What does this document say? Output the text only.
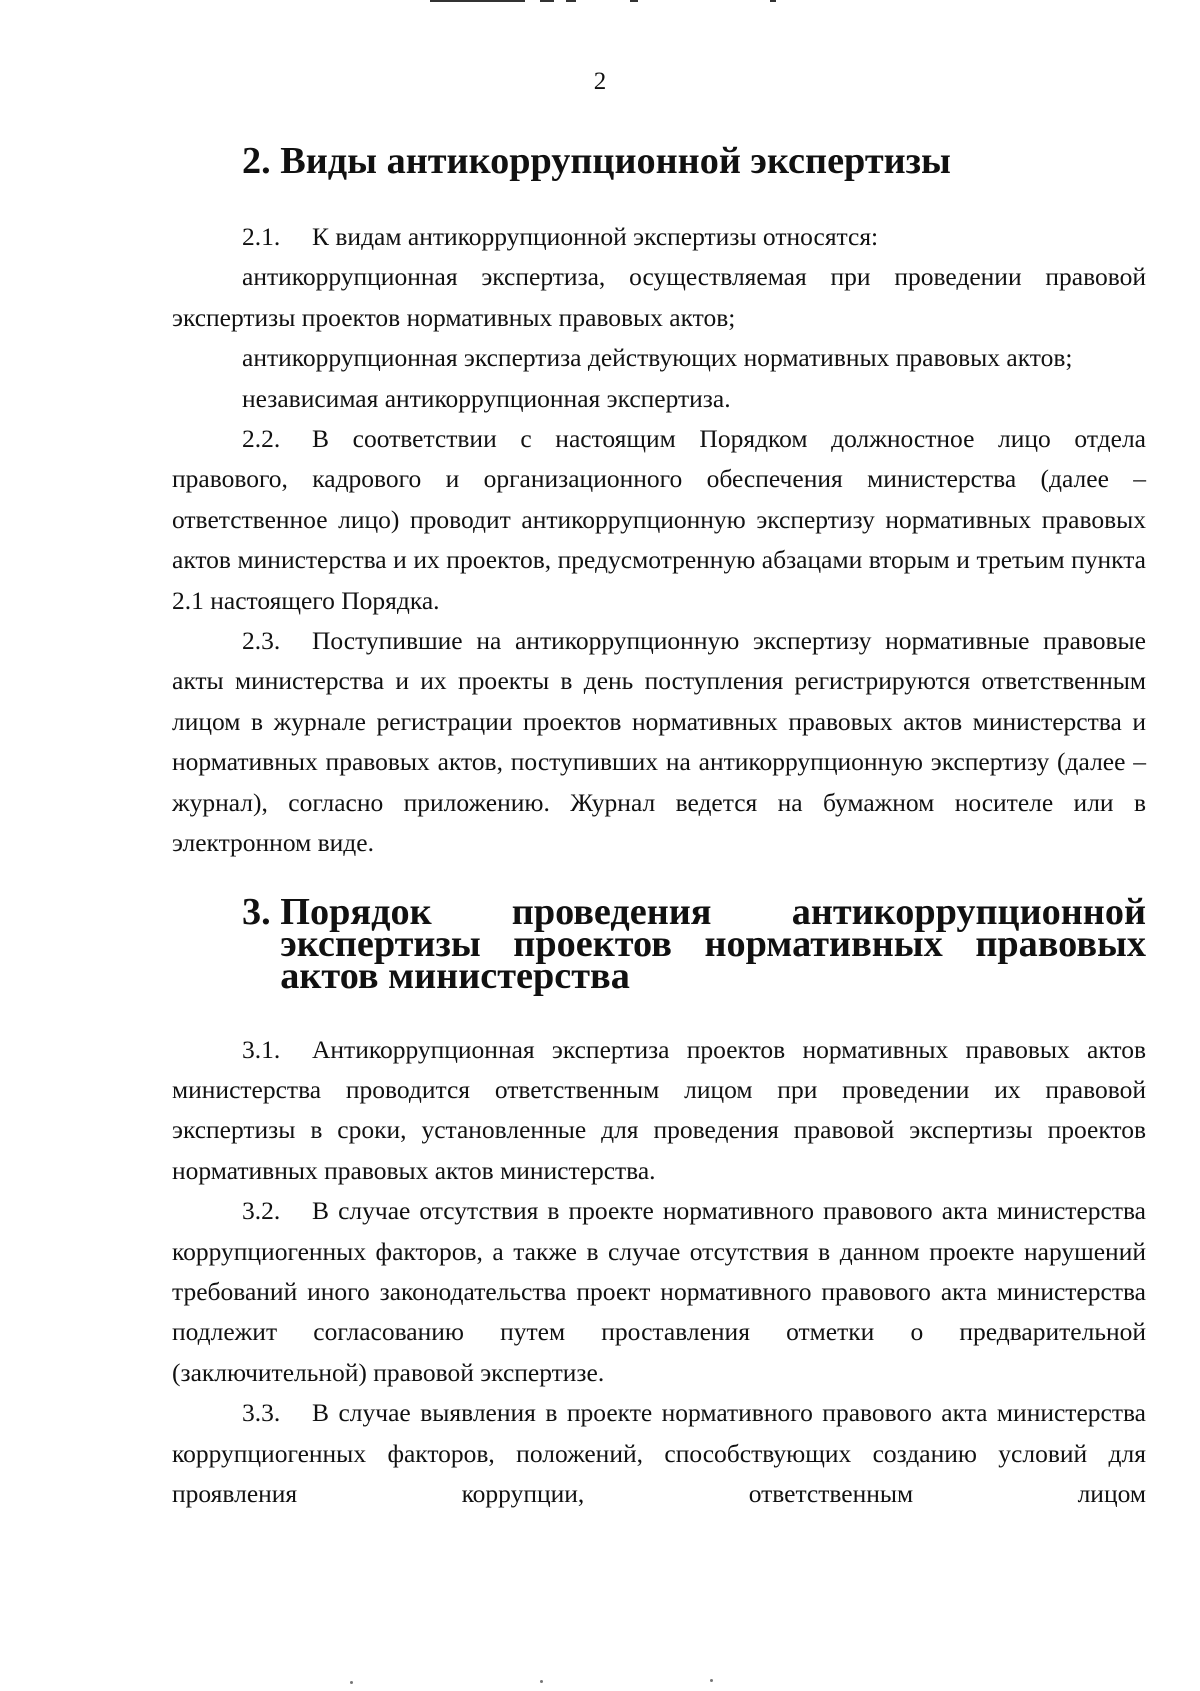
2
2. Виды антикоррупционной экспертизы

2.1. К видам антикоррупционной экспертизы относятся:

антикоррупционная экспертиза, осуществляемая при проведении правовой экспертизы проектов нормативных правовых актов;

антикоррупционная экспертиза действующих нормативных правовых актов;

независимая антикоррупционная экспертиза.

2.2. В соответствии с настоящим Порядком должностное лицо отдела правового, кадрового и организационного обеспечения министерства (далее – ответственное лицо) проводит антикоррупционную экспертизу нормативных правовых актов министерства и их проектов, предусмотренную абзацами вторым и третьим пункта 2.1 настоящего Порядка.

2.3. Поступившие на антикоррупционную экспертизу нормативные правовые акты министерства и их проекты в день поступления регистрируются ответственным лицом в журнале регистрации проектов нормативных правовых актов министерства и нормативных правовых актов, поступивших на антикоррупционную экспертизу (далее – журнал), согласно приложению. Журнал ведется на бумажном носителе или в электронном виде.

3. Порядок проведения антикоррупционной экспертизы проектов нормативных правовых актов министерства

3.1. Антикоррупционная экспертиза проектов нормативных правовых актов министерства проводится ответственным лицом при проведении их правовой экспертизы в сроки, установленные для проведения правовой экспертизы проектов нормативных правовых актов министерства.

3.2. В случае отсутствия в проекте нормативного правового акта министерства коррупциогенных факторов, а также в случае отсутствия в данном проекте нарушений требований иного законодательства проект нормативного правового акта министерства подлежит согласованию путем проставления отметки о предварительной (заключительной) правовой экспертизе.

3.3. В случае выявления в проекте нормативного правового акта министерства коррупциогенных факторов, положений, способствующих созданию условий для проявления коррупции, ответственным лицом
